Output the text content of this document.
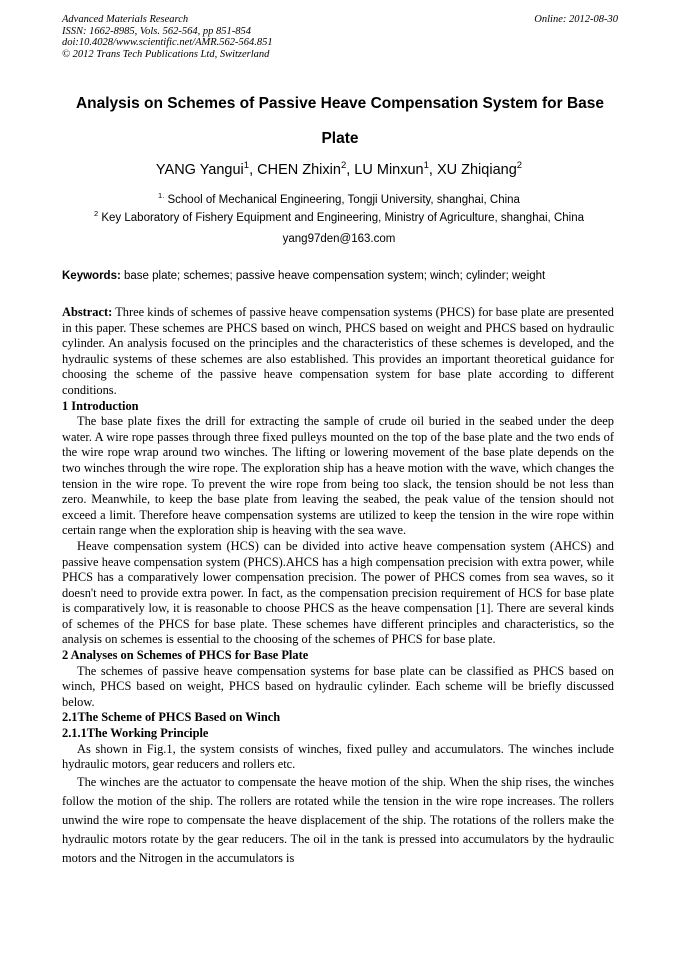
Advanced Materials Research
ISSN: 1662-8985, Vols. 562-564, pp 851-854
doi:10.4028/www.scientific.net/AMR.562-564.851
© 2012 Trans Tech Publications Ltd, Switzerland
Online: 2012-08-30
Analysis on Schemes of Passive Heave Compensation System for Base
Plate
YANG Yangui$^1$, CHEN Zhixin$^2$, LU Minxun$^1$, XU Zhiqiang$^2$
$^{1.}$ School of Mechanical Engineering, Tongji University, shanghai, China
$^2$ Key Laboratory of Fishery Equipment and Engineering, Ministry of Agriculture, shanghai, China
yang97den@163.com
Keywords: base plate; schemes; passive heave compensation system; winch; cylinder; weight

Abstract: Three kinds of schemes of passive heave compensation systems (PHCS) for base plate are presented in this paper. These schemes are PHCS based on winch, PHCS based on weight and PHCS based on hydraulic cylinder. An analysis focused on the principles and the characteristics of these schemes is developed, and the hydraulic systems of these schemes are also established. This provides an important theoretical guidance for choosing the scheme of the passive heave compensation system for base plate according to different conditions.

1 Introduction

The base plate fixes the drill for extracting the sample of crude oil buried in the seabed under the deep water. A wire rope passes through three fixed pulleys mounted on the top of the base plate and the two ends of the wire rope wrap around two winches. The lifting or lowering movement of the base plate depends on the two winches through the wire rope. The exploration ship has a heave motion with the wave, which changes the tension in the wire rope. To prevent the wire rope from being too slack, the tension should be not less than zero. Meanwhile, to keep the base plate from leaving the seabed, the peak value of the tension should not exceed a limit. Therefore heave compensation systems are utilized to keep the tension in the wire rope within certain range when the exploration ship is heaving with the sea wave.

Heave compensation system (HCS) can be divided into active heave compensation system (AHCS) and passive heave compensation system (PHCS).AHCS has a high compensation precision with extra power, while PHCS has a comparatively lower compensation precision. The power of PHCS comes from sea waves, so it doesn't need to provide extra power. In fact, as the compensation precision requirement of HCS for base plate is comparatively low, it is reasonable to choose PHCS as the heave compensation [1]. There are several kinds of schemes of the PHCS for base plate. These schemes have different principles and characteristics, so the analysis on schemes is essential to the choosing of the schemes of PHCS for base plate.

2 Analyses on Schemes of PHCS for Base Plate

The schemes of passive heave compensation systems for base plate can be classified as PHCS based on winch, PHCS based on weight, PHCS based on hydraulic cylinder. Each scheme will be briefly discussed below.

2.1The Scheme of PHCS Based on Winch
2.1.1The Working Principle

As shown in Fig.1, the system consists of winches, fixed pulley and accumulators. The winches include hydraulic motors, gear reducers and rollers etc.

The winches are the actuator to compensate the heave motion of the ship. When the ship rises, the winches follow the motion of the ship. The rollers are rotated while the tension in the wire rope increases. The rollers unwind the wire rope to compensate the heave displacement of the ship. The rotations of the rollers make the hydraulic motors rotate by the gear reducers. The oil in the tank is pressed into accumulators by the hydraulic motors and the Nitrogen in the accumulators is
